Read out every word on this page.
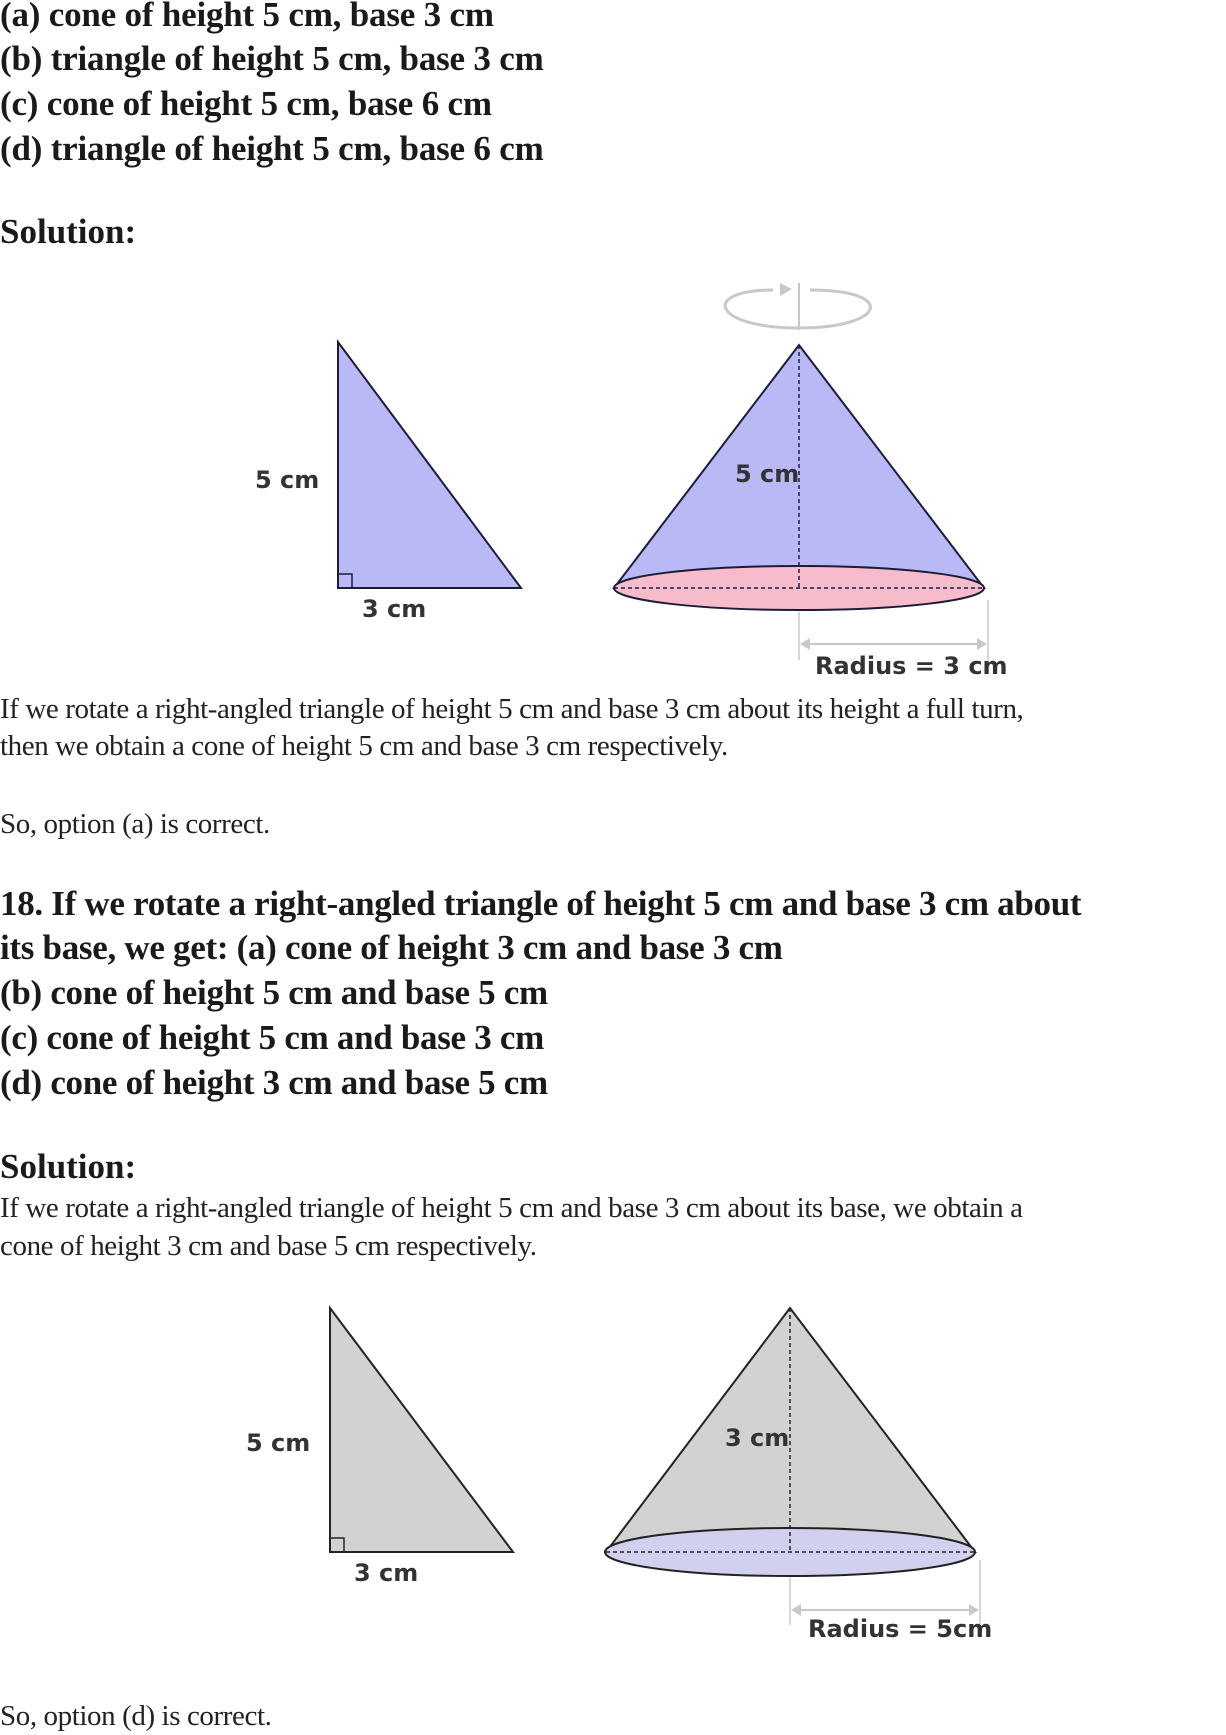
(a) cone of height 5 cm, base 3 cm
(b) triangle of height 5 cm, base 3 cm
(c) cone of height 5 cm, base 6 cm
(d) triangle of height 5 cm, base 6 cm
Solution:
5 cm
3 cm
5 cm
Radius = 3 cm
If we rotate a right-angled triangle of height 5 cm and base 3 cm about its height a full turn,
then we obtain a cone of height 5 cm and base 3 cm respectively.
So, option (a) is correct.
18. If we rotate a right-angled triangle of height 5 cm and base 3 cm about
its base, we get: (a) cone of height 3 cm and base 3 cm
(b) cone of height 5 cm and base 5 cm
(c) cone of height 5 cm and base 3 cm
(d) cone of height 3 cm and base 5 cm
Solution:
If we rotate a right-angled triangle of height 5 cm and base 3 cm about its base, we obtain a
cone of height 3 cm and base 5 cm respectively.
5 cm
3 cm
3 cm
Radius = 5cm
So, option (d) is correct.
